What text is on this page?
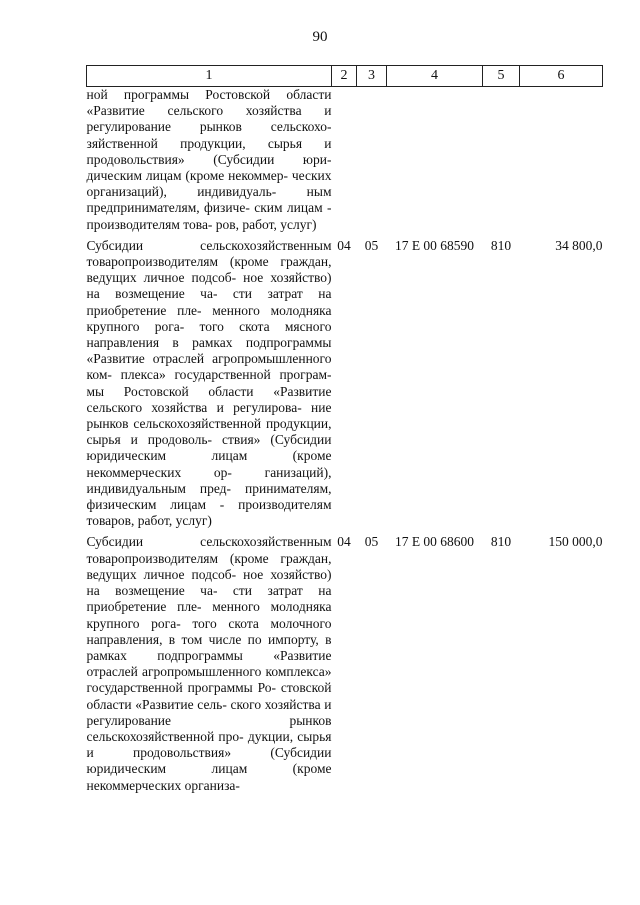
90
1	2	3	4	5	6
ной программы Ростовской области «Развитие сельского хозяйства и регулирование рынков сельскохо- зяйственной продукции, сырья и продовольствия» (Субсидии юри- дическим лицам (кроме некоммер- ческих организаций), индивидуаль- ным предпринимателям, физиче- ским лицам - производителям това- ров, работ, услуг)					
Субсидии сельскохозяйственным товаропроизводителям (кроме граждан, ведущих личное подсоб- ное хозяйство) на возмещение ча- сти затрат на приобретение пле- менного молодняка крупного рога- того скота мясного направления в рамках подпрограммы «Развитие отраслей агропромышленного ком- плекса» государственной програм- мы Ростовской области «Развитие сельского хозяйства и регулирова- ние рынков сельскохозяйственной продукции, сырья и продоволь- ствия» (Субсидии юридическим лицам (кроме некоммерческих ор- ганизаций), индивидуальным пред- принимателям, физическим лицам - производителям товаров, работ, услуг)	04	05	17 Е 00 68590	810	34 800,0
Субсидии сельскохозяйственным товаропроизводителям (кроме граждан, ведущих личное подсоб- ное хозяйство) на возмещение ча- сти затрат на приобретение пле- менного молодняка крупного рога- того скота молочного направления, в том числе по импорту, в рамках подпрограммы «Развитие отраслей агропромышленного комплекса» государственной программы Ро- стовской области «Развитие сель- ского хозяйства и регулирование рынков сельскохозяйственной про- дукции, сырья и продовольствия» (Субсидии юридическим лицам (кроме некоммерческих организа-	04	05	17 Е 00 68600	810	150 000,0
